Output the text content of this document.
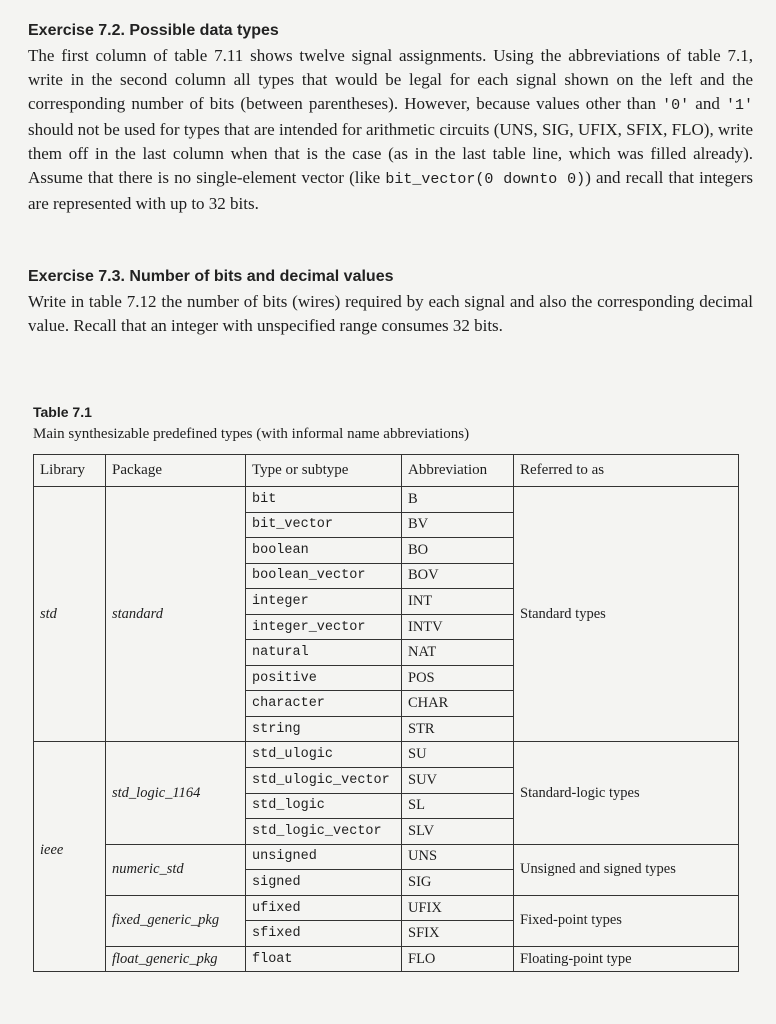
Exercise 7.2. Possible data types

The first column of table 7.11 shows twelve signal assignments. Using the abbreviations of table 7.1, write in the second column all types that would be legal for each signal shown on the left and the corresponding number of bits (between parentheses). However, because values other than '0' and '1' should not be used for types that are intended for arithmetic circuits (UNS, SIG, UFIX, SFIX, FLO), write them off in the last column when that is the case (as in the last table line, which was filled already). Assume that there is no single-element vector (like bit_vector(0 downto 0)) and recall that integers are represented with up to 32 bits.

Exercise 7.3. Number of bits and decimal values

Write in table 7.12 the number of bits (wires) required by each signal and also the corresponding decimal value. Recall that an integer with unspecified range consumes 32 bits.

Table 7.1

Main synthesizable predefined types (with informal name abbreviations)

Library	Package	Type or subtype	Abbreviation	Referred to as
std	standard	bit	B	Standard types
		bit_vector	BV	
		boolean	BO	
		boolean_vector	BOV	
		integer	INT	
		integer_vector	INTV	
		natural	NAT	
		positive	POS	
		character	CHAR	
		string	STR	
ieee	std_logic_1164	std_ulogic	SU	Standard-logic types
		std_ulogic_vector	SUV	
		std_logic	SL	
		std_logic_vector	SLV	
	numeric_std	unsigned	UNS	Unsigned and signed types
		signed	SIG	
	fixed_generic_pkg	ufixed	UFIX	Fixed-point types
		sfixed	SFIX	
	float_generic_pkg	float	FLO	Floating-point type
